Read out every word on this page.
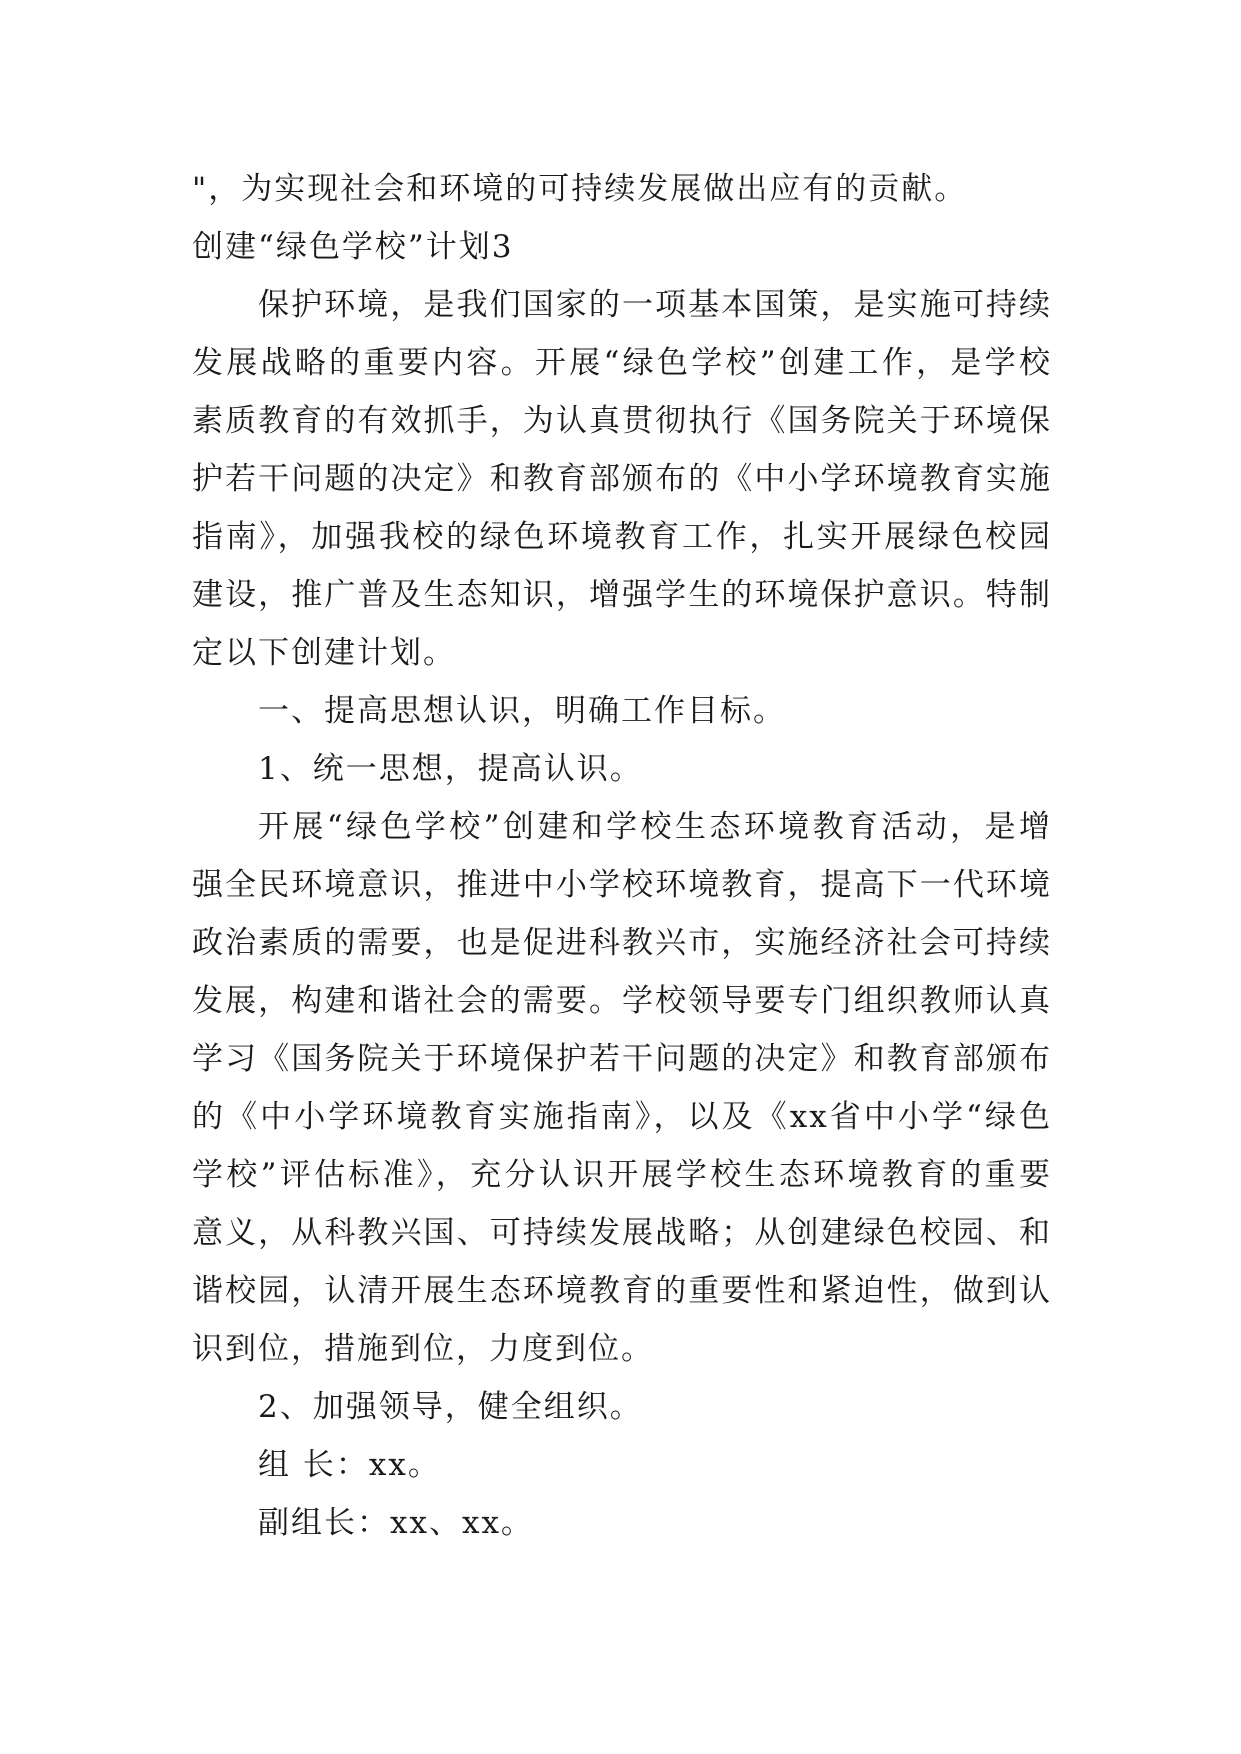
"，为实现社会和环境的可持续发展做出应有的贡献。

创建“绿色学校”计划3

保护环境，是我们国家的一项基本国策，是实施可持续发展战略的重要内容。开展“绿色学校”创建工作，是学校素质教育的有效抓手，为认真贯彻执行《国务院关于环境保护若干问题的决定》和教育部颁布的《中小学环境教育实施指南》，加强我校的绿色环境教育工作，扎实开展绿色校园建设，推广普及生态知识，增强学生的环境保护意识。特制定以下创建计划。

一、提高思想认识，明确工作目标。

1、统一思想，提高认识。

开展“绿色学校”创建和学校生态环境教育活动，是增强全民环境意识，推进中小学校环境教育，提高下一代环境政治素质的需要，也是促进科教兴市，实施经济社会可持续发展，构建和谐社会的需要。学校领导要专门组织教师认真学习《国务院关于环境保护若干问题的决定》和教育部颁布的《中小学环境教育实施指南》，以及《xx省中小学“绿色学校”评估标准》，充分认识开展学校生态环境教育的重要意义，从科教兴国、可持续发展战略；从创建绿色校园、和谐校园，认清开展生态环境教育的重要性和紧迫性，做到认识到位，措施到位，力度到位。

2、加强领导，健全组织。

组 长：xx。

副组长：xx、xx。
